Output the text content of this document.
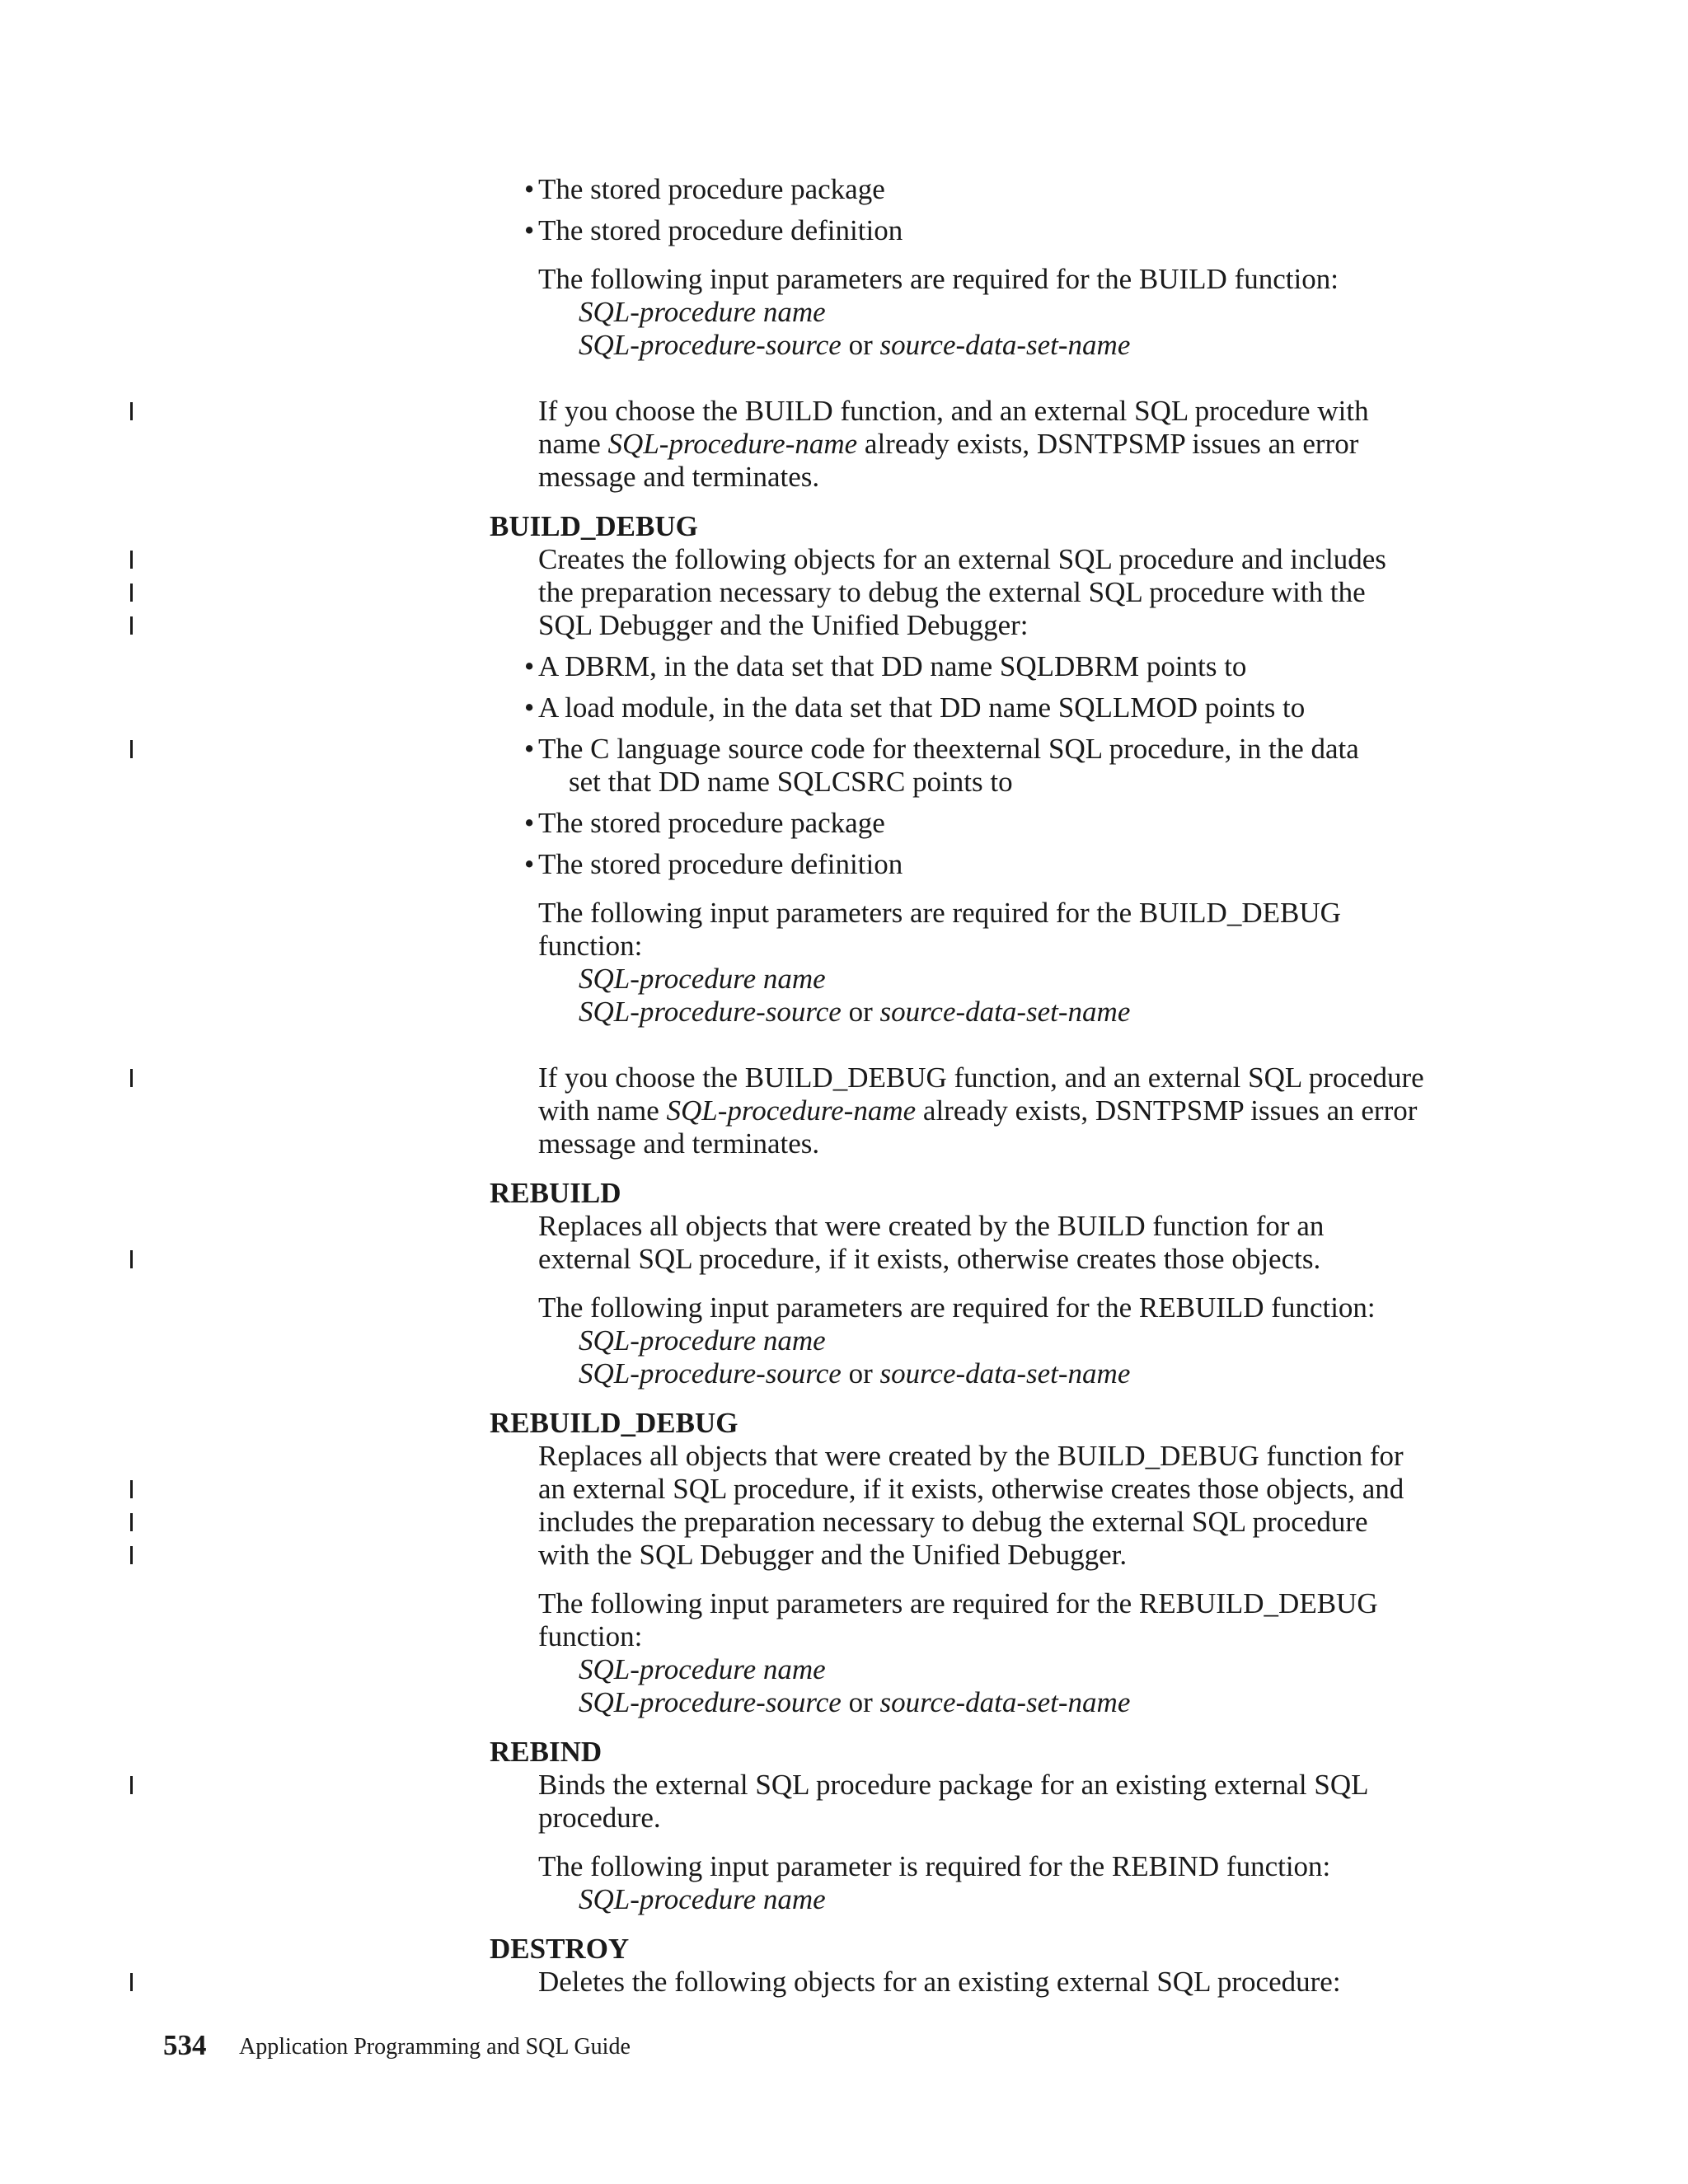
• The stored procedure package
• The stored procedure definition
The following input parameters are required for the BUILD function:
SQL-procedure name
SQL-procedure-source or source-data-set-name
If you choose the BUILD function, and an external SQL procedure with
name SQL-procedure-name already exists, DSNTPSMP issues an error
message and terminates.
BUILD_DEBUG
Creates the following objects for an external SQL procedure and includes
the preparation necessary to debug the external SQL procedure with the
SQL Debugger and the Unified Debugger:
• A DBRM, in the data set that DD name SQLDBRM points to
• A load module, in the data set that DD name SQLLMOD points to
• The C language source code for theexternal SQL procedure, in the data
set that DD name SQLCSRC points to
• The stored procedure package
• The stored procedure definition
The following input parameters are required for the BUILD_DEBUG
function:
SQL-procedure name
SQL-procedure-source or source-data-set-name
If you choose the BUILD_DEBUG function, and an external SQL procedure
with name SQL-procedure-name already exists, DSNTPSMP issues an error
message and terminates.
REBUILD
Replaces all objects that were created by the BUILD function for an
external SQL procedure, if it exists, otherwise creates those objects.
The following input parameters are required for the REBUILD function:
SQL-procedure name
SQL-procedure-source or source-data-set-name
REBUILD_DEBUG
Replaces all objects that were created by the BUILD_DEBUG function for
an external SQL procedure, if it exists, otherwise creates those objects, and
includes the preparation necessary to debug the external SQL procedure
with the SQL Debugger and the Unified Debugger.
The following input parameters are required for the REBUILD_DEBUG
function:
SQL-procedure name
SQL-procedure-source or source-data-set-name
REBIND
Binds the external SQL procedure package for an existing external SQL
procedure.
The following input parameter is required for the REBIND function:
SQL-procedure name
DESTROY
Deletes the following objects for an existing external SQL procedure:
534 Application Programming and SQL Guide
